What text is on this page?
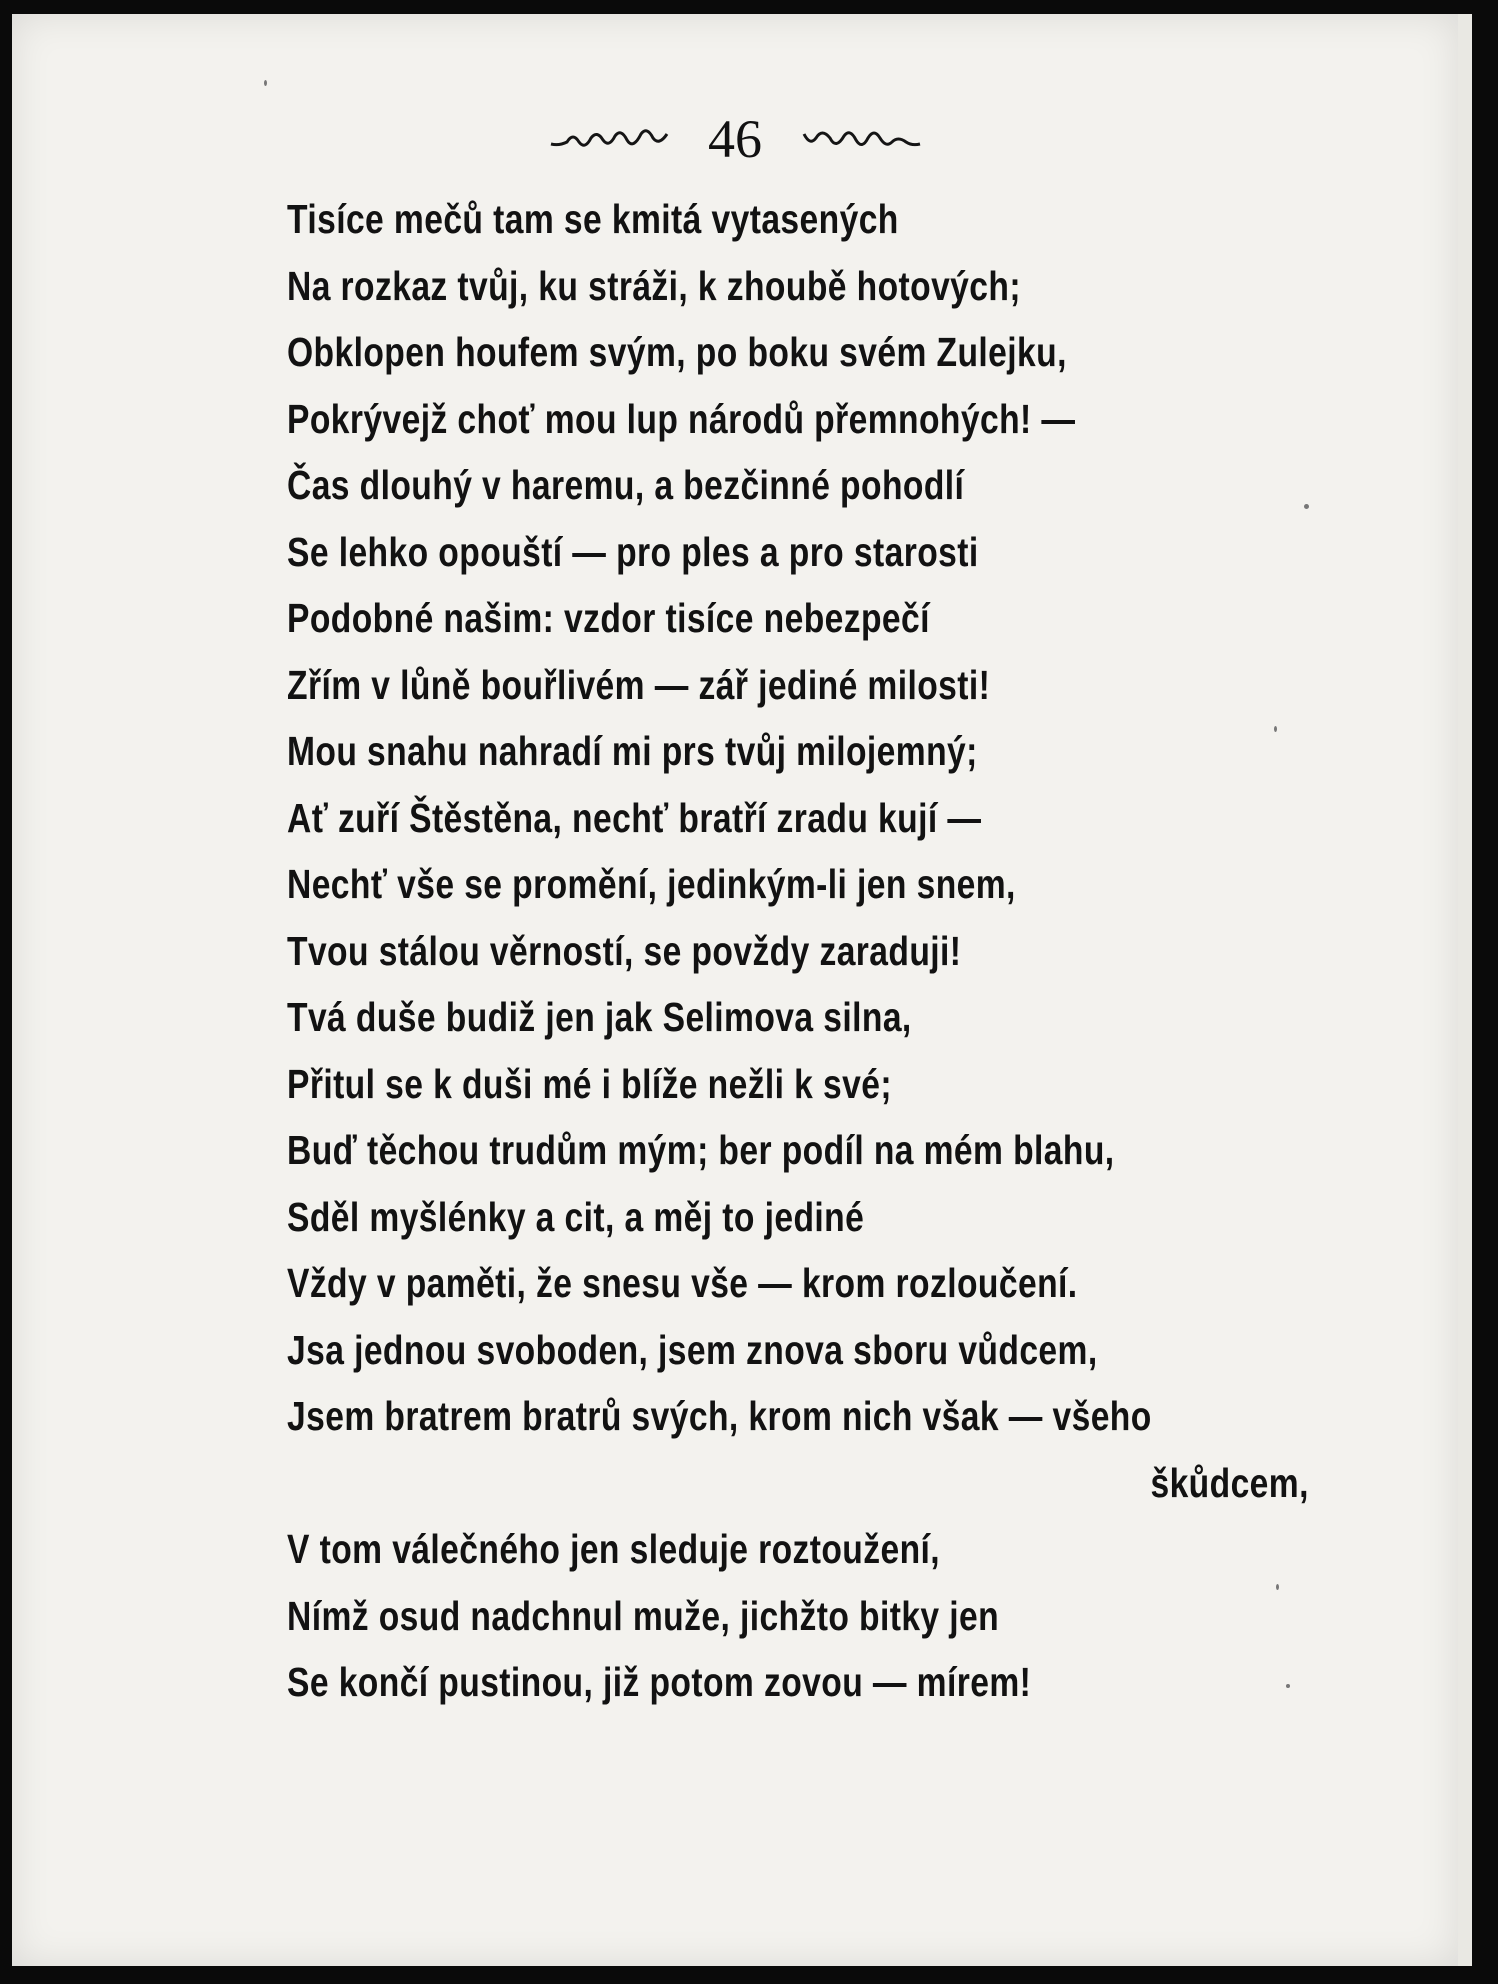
46
Tisíce mečů tam se kmitá vytasených
Na rozkaz tvůj, ku stráži, k zhoubě hotových;
Obklopen houfem svým, po boku svém Zulejku,
Pokrývejž choť mou lup národů přemnohých! —
Čas dlouhý v haremu, a bezčinné pohodlí
Se lehko opouští — pro ples a pro starosti
Podobné našim: vzdor tisíce nebezpečí
Zřím v lůně bouřlivém — zář jediné milosti!
Mou snahu nahradí mi prs tvůj milojemný;
Ať zuří Štěstěna, nechť bratří zradu kují —
Nechť vše se promění, jedinkým-li jen snem,
Tvou stálou věrností, se povždy zaraduji!
Tvá duše budiž jen jak Selimova silna,
Přitul se k duši mé i blíže nežli k své;
Buď těchou trudům mým; ber podíl na mém blahu,
Sděl myšlénky a cit, a měj to jediné
Vždy v paměti, že snesu vše — krom rozloučení.
Jsa jednou svoboden, jsem znova sboru vůdcem,
Jsem bratrem bratrů svých, krom nich však — všeho
škůdcem,
V tom válečného jen sleduje roztoužení,
Nímž osud nadchnul muže, jichžto bitky jen
Se končí pustinou, již potom zovou — mírem!
